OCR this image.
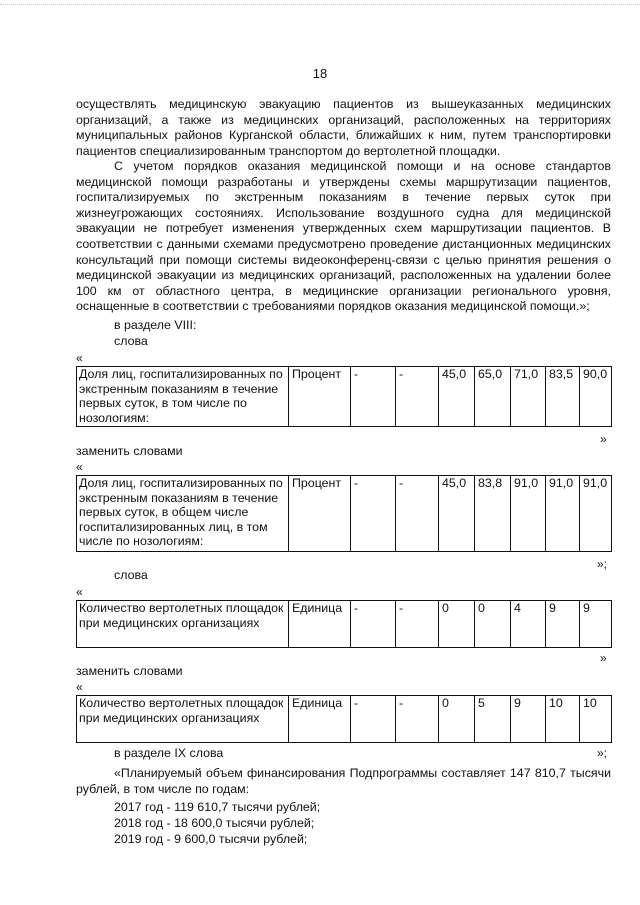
18
осуществлять медицинскую эвакуацию пациентов из вышеуказанных медицинских организаций, а также из медицинских организаций, расположенных на территориях муниципальных районов Курганской области, ближайших к ним, путем транспортировки пациентов специализированным транспортом до вертолетной площадки.
С учетом порядков оказания медицинской помощи и на основе стандартов медицинской помощи разработаны и утверждены схемы маршрутизации пациентов, госпитализируемых по экстренным показаниям в течение первых суток при жизнеугрожающих состояниях. Использование воздушного судна для медицинской эвакуации не потребует изменения утвержденных схем маршрутизации пациентов. В соответствии с данными схемами предусмотрено проведение дистанционных медицинских консультаций при помощи системы видеоконференц-связи с целью принятия решения о медицинской эвакуации из медицинских организаций, расположенных на удалении более 100 км от областного центра, в медицинские организации регионального уровня, оснащенные в соответствии с требованиями порядков оказания медицинской помощи.»;
в разделе VIII:
слова
«
Доля лиц, госпитализированных по экстренным показаниям в течение первых суток, в том числе по нозологиям:	Процент	-	-	45,0	65,0	71,0	83,5	90,0
»
заменить словами
«
Доля лиц, госпитализированных по экстренным показаниям в течение первых суток, в общем числе госпитализированных лиц, в том числе по нозологиям:	Процент	-	-	45,0	83,8	91,0	91,0	91,0
»;
слова
«
Количество вертолетных площадок при медицинских организациях	Единица	-	-	0	0	4	9	9
»
заменить словами
«
Количество вертолетных площадок при медицинских организациях	Единица	-	-	0	5	9	10	10
в разделе IX слова	»;
«Планируемый объем финансирования Подпрограммы составляет 147 810,7 тысячи рублей, в том числе по годам:
2017 год - 119 610,7 тысячи рублей;
2018 год - 18 600,0 тысячи рублей;
2019 год - 9 600,0 тысячи рублей;
